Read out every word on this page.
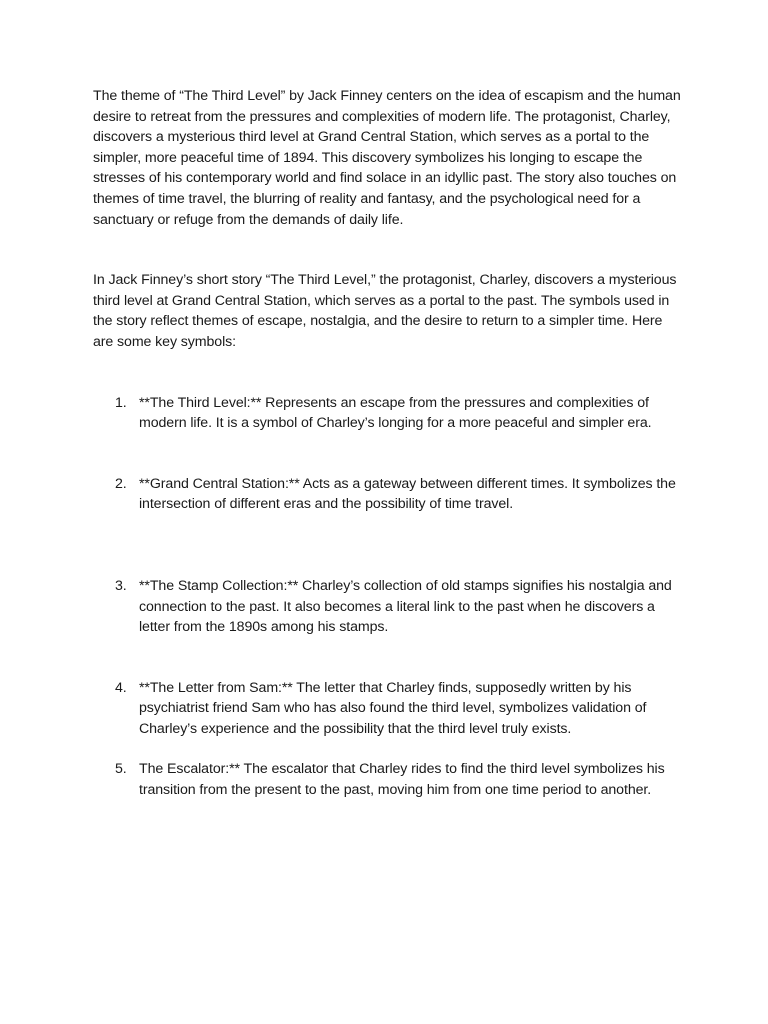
The theme of “The Third Level” by Jack Finney centers on the idea of escapism and the human desire to retreat from the pressures and complexities of modern life. The protagonist, Charley, discovers a mysterious third level at Grand Central Station, which serves as a portal to the simpler, more peaceful time of 1894. This discovery symbolizes his longing to escape the stresses of his contemporary world and find solace in an idyllic past. The story also touches on themes of time travel, the blurring of reality and fantasy, and the psychological need for a sanctuary or refuge from the demands of daily life.

In Jack Finney’s short story “The Third Level,” the protagonist, Charley, discovers a mysterious third level at Grand Central Station, which serves as a portal to the past. The symbols used in the story reflect themes of escape, nostalgia, and the desire to return to a simpler time. Here are some key symbols:

1. **The Third Level:** Represents an escape from the pressures and complexities of modern life. It is a symbol of Charley’s longing for a more peaceful and simpler era.
2. **Grand Central Station:** Acts as a gateway between different times. It symbolizes the intersection of different eras and the possibility of time travel.
3. **The Stamp Collection:** Charley’s collection of old stamps signifies his nostalgia and connection to the past. It also becomes a literal link to the past when he discovers a letter from the 1890s among his stamps.
4. **The Letter from Sam:** The letter that Charley finds, supposedly written by his psychiatrist friend Sam who has also found the third level, symbolizes validation of Charley’s experience and the possibility that the third level truly exists.
5. The Escalator:** The escalator that Charley rides to find the third level symbolizes his transition from the present to the past, moving him from one time period to another.
